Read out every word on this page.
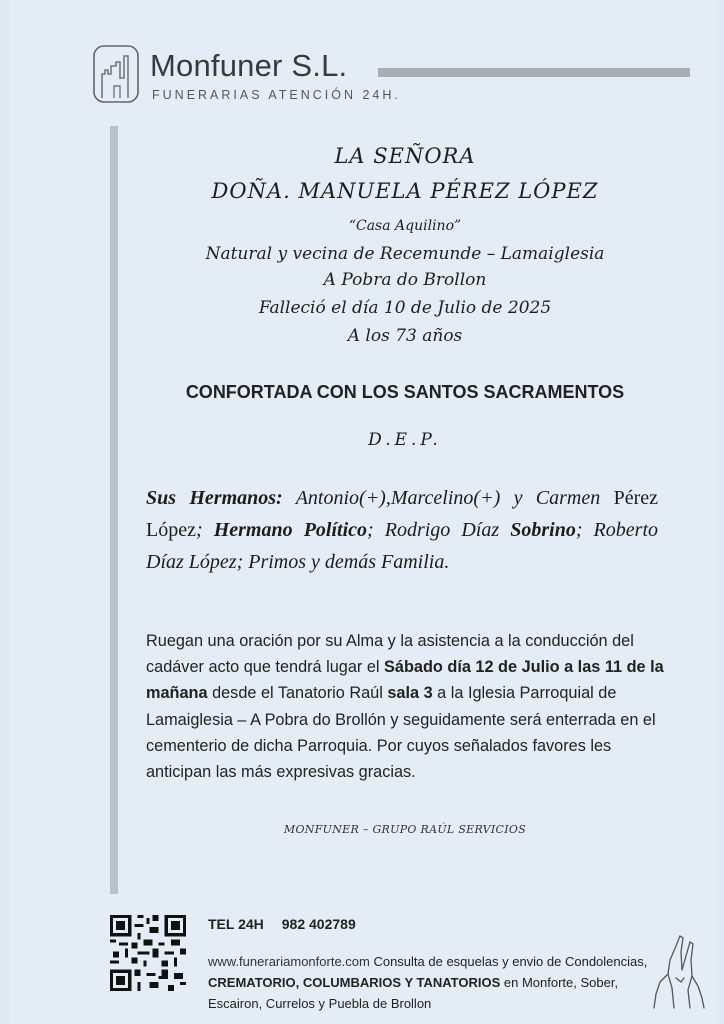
Monfuner S.L.
FUNERARIAS ATENCIÓN 24H.
LA SEÑORA
DOÑA. MANUELA PÉREZ LÓPEZ
“Casa Aquilino”
Natural y vecina de Recemunde – Lamaiglesia
A Pobra do Brollon
Falleció el día 10 de Julio de 2025
A los 73 años
CONFORTADA CON LOS SANTOS SACRAMENTOS
D.E.P.
Sus Hermanos: Antonio(+),Marcelino(+) y Carmen Pérez López; Hermano Político; Rodrigo Díaz Sobrino; Roberto Díaz López; Primos y demás Familia.
Ruegan una oración por su Alma y la asistencia a la conducción del cadáver acto que tendrá lugar el Sábado día 12 de Julio a las 11 de la mañana desde el Tanatorio Raúl sala 3 a la Iglesia Parroquial de Lamaiglesia – A Pobra do Brollón y seguidamente será enterrada en el cementerio de dicha Parroquia. Por cuyos señalados favores les anticipan las más expresivas gracias.
MONFUNER – GRUPO RAÚL SERVICIOS
TEL 24H 982 402789
www.funerariamonforte.com Consulta de esquelas y envio de Condolencias, CREMATORIO, COLUMBARIOS Y TANATORIOS en Monforte, Sober, Escairon, Currelos y Puebla de Brollon
